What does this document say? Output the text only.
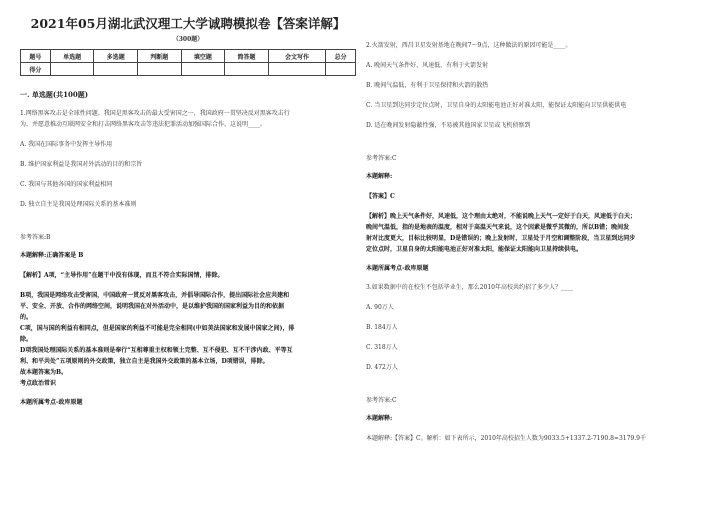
2021年05月湖北武汉理工大学诚聘模拟卷【答案详解】
（300题）
题号	单选题	多选题	判断题	填空题	简答题	会文写作	总分
得分							
一. 单选题(共100题)

1.网络黑客攻击是全球性问题。我国是黑客攻击的最大受害国之一，我国政府一贯坚决反对黑客攻击行

为，并愿意推动互联网安全和打击网络黑客攻击等违法犯罪活动加强国际合作。这说明____。

A. 我国在国际事务中发挥主导作用

B. 维护国家利益是我国对外活动的目的和宗旨

C. 我国与其他各国的国家利益相同

D. 独立自主是我国处理国际关系的基本准则

参考答案:B

本题解释:正确答案是 B

【解析】A项，“主导作用”在题干中没有体现，而且不符合实际国情，排除。

B项，我国是网络攻击受害国，中国政府一贯反对黑客攻击，并倡导国际合作，提出国际社会应共建和

平、安全、开放、合作的网络空间，说明我国在对外活动中，是以维护我国的国家利益为目的和依据

的。

C项，国与国的利益有相同点，但是国家的利益不可能是完全相同(中如美法国家和发展中国家之间)，排

除。

D项我国处理国际关系的基本准则是奉行“互相尊重主权和领土完整、互不侵犯、互不干涉内政、平等互

利、和平共处”五项原则的外交政策，独立自主是我国外交政策的基本立场，D项错误，排除。

故本题答案为B。

考点政治常识

本题所属考点-政库原题

2.火箭发射，西昌卫星发射基地在晚间7～9点，这种做法的原因可能是____。

A. 晚间天气条件好，风速低，有利于火箭发射

B. 晚间气温低，有利于卫星保持和火箭的散热

C. 当卫星到达同步定位点时，卫星自身的太阳能电池正好对准太阳，能保证太阳能向卫星供能供电

D. 适在晚间发射隐蔽性强，不易被其他国家卫星或飞机侦察到

参考答案:C

本题解释:

【答案】C

【解析】晚上天气条件好，风速低，这个理由太绝对，不能说晚上天气一定好于白天，风速低于白天；

晚间气温低，指的是地表的温度，相对于高温天气来说，这个因素是微乎其微的，所以B错；晚间发

射对比度更大，目标比较明显，D是错误的；晚上发射时，卫星处于月空和调整阶段，当卫星到达同步

定位点时，卫星自身的太阳能电池正好对准太阳，能保证太阳能向卫星持续供电。

本题所属考点-政库原题

3.如果数据中的在校生不包括毕业生，那么2010年高校共约招了多少人？____

A. 90万人

B. 184万人

C. 318万人

D. 472万人

参考答案:C

本题解释:

本题解释:【答案】C。解析：如下表所示，2010年高校招生人数为9033.5+1337.2-7190.8≈3179.9千
